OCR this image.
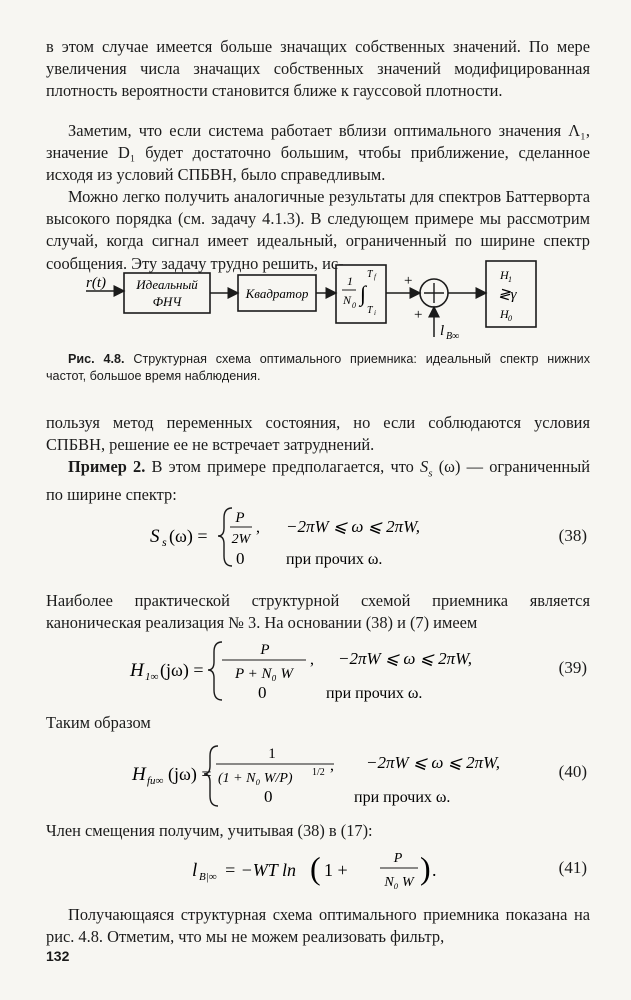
в этом случае имеется больше значащих собственных значений. По мере увеличения числа значащих собственных значений модифицированная плотность вероятности становится ближе к гауссовой плотности.

Заметим, что если система работает вблизи оптимального значения Λ₁, значение D₁ будет достаточно большим, чтобы приближение, сделанное исходя из условий СПБВН, было справедливым.

Можно легко получить аналогичные результаты для спектров Баттерворта высокого порядка (см. задачу 4.1.3). В следующем примере мы рассмотрим случай, когда сигнал имеет идеальный, ограниченный по ширине спектр сообщения. Эту задачу трудно решить, ис-

r(t) Идеальный
ФНЧ
Квадратор
1
N 0 ∫
T f
T i
+
+
l B∞
H 1
≷γ
H 0

Рис. 4.8. Структурная схема оптимального приемника: идеальный спектр нижних частот, большое время наблюдения.

пользуя метод переменных состояния, но если соблюдаются условия СПБВН, решение ее не встречает затруднений.

Пример 2. В этом примере предполагается, что $S_s$ (ω) — ограниченный по ширине спектр:

S s (ω) =
P
2W
, −2πW ⩽ ω ⩽ 2πW,
0	при прочих ω.
(38)

Наиболее практической структурной схемой приемника является каноническая реализация № 3. На основании (38) и (7) имеем

H 1∞ (jω) =
P
P + N₀ W
, −2πW ⩽ ω ⩽ 2πW,
0	при прочих ω.
(39)

Таким образом

H fu∞ (jω) =
1
(1 + N₀ W/P) 1/2 , −2πW ⩽ ω ⩽ 2πW,
0	при прочих ω.
(40)

Член смещения получим, учитывая (38) в (17):

l B|∞ = −WT ln ( 1 +
P
N₀ W ) .	(41)

Получающаяся структурная схема оптимального приемника показана на рис. 4.8. Отметим, что мы не можем реализовать фильтр,

132
